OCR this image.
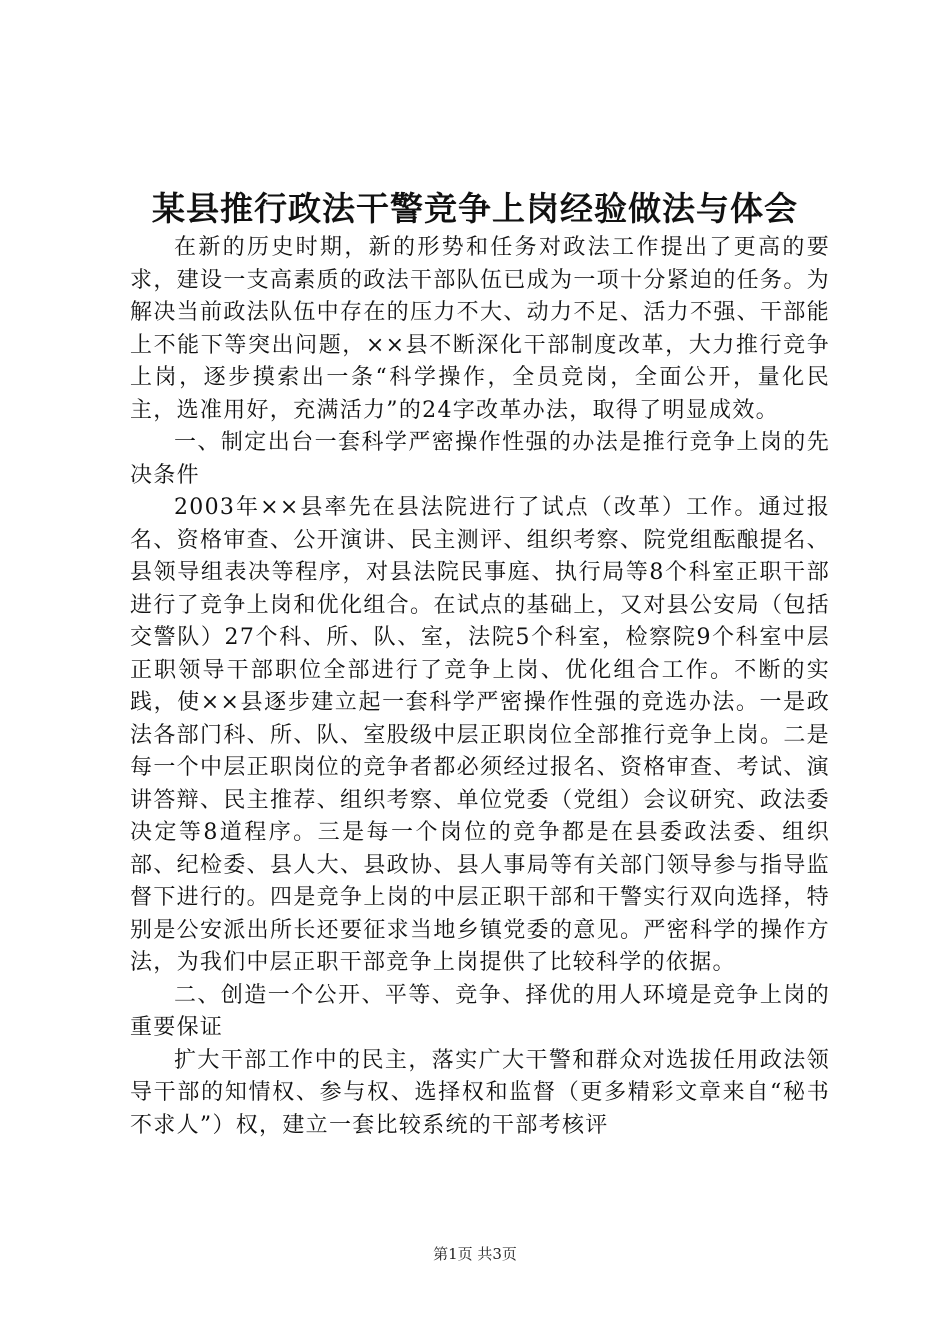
某县推行政法干警竞争上岗经验做法与体会

在新的历史时期，新的形势和任务对政法工作提出了更高的要求，建设一支高素质的政法干部队伍已成为一项十分紧迫的任务。为解决当前政法队伍中存在的压力不大、动力不足、活力不强、干部能上不能下等突出问题，××县不断深化干部制度改革，大力推行竞争上岗，逐步摸索出一条“科学操作，全员竞岗，全面公开，量化民主，选准用好，充满活力”的24字改革办法，取得了明显成效。

一、制定出台一套科学严密操作性强的办法是推行竞争上岗的先决条件

2003年××县率先在县法院进行了试点（改革）工作。通过报名、资格审查、公开演讲、民主测评、组织考察、院党组酝酿提名、县领导组表决等程序，对县法院民事庭、执行局等8个科室正职干部进行了竞争上岗和优化组合。在试点的基础上，又对县公安局（包括交警队）27个科、所、队、室，法院5个科室，检察院9个科室中层正职领导干部职位全部进行了竞争上岗、优化组合工作。不断的实践，使××县逐步建立起一套科学严密操作性强的竞选办法。一是政法各部门科、所、队、室股级中层正职岗位全部推行竞争上岗。二是每一个中层正职岗位的竞争者都必须经过报名、资格审查、考试、演讲答辩、民主推荐、组织考察、单位党委（党组）会议研究、政法委决定等8道程序。三是每一个岗位的竞争都是在县委政法委、组织部、纪检委、县人大、县政协、县人事局等有关部门领导参与指导监督下进行的。四是竞争上岗的中层正职干部和干警实行双向选择，特别是公安派出所长还要征求当地乡镇党委的意见。严密科学的操作方法，为我们中层正职干部竞争上岗提供了比较科学的依据。

二、创造一个公开、平等、竞争、择优的用人环境是竞争上岗的重要保证

扩大干部工作中的民主，落实广大干警和群众对选拔任用政法领导干部的知情权、参与权、选择权和监督（更多精彩文章来自“秘书不求人”）权，建立一套比较系统的干部考核评

第1页 共3页
